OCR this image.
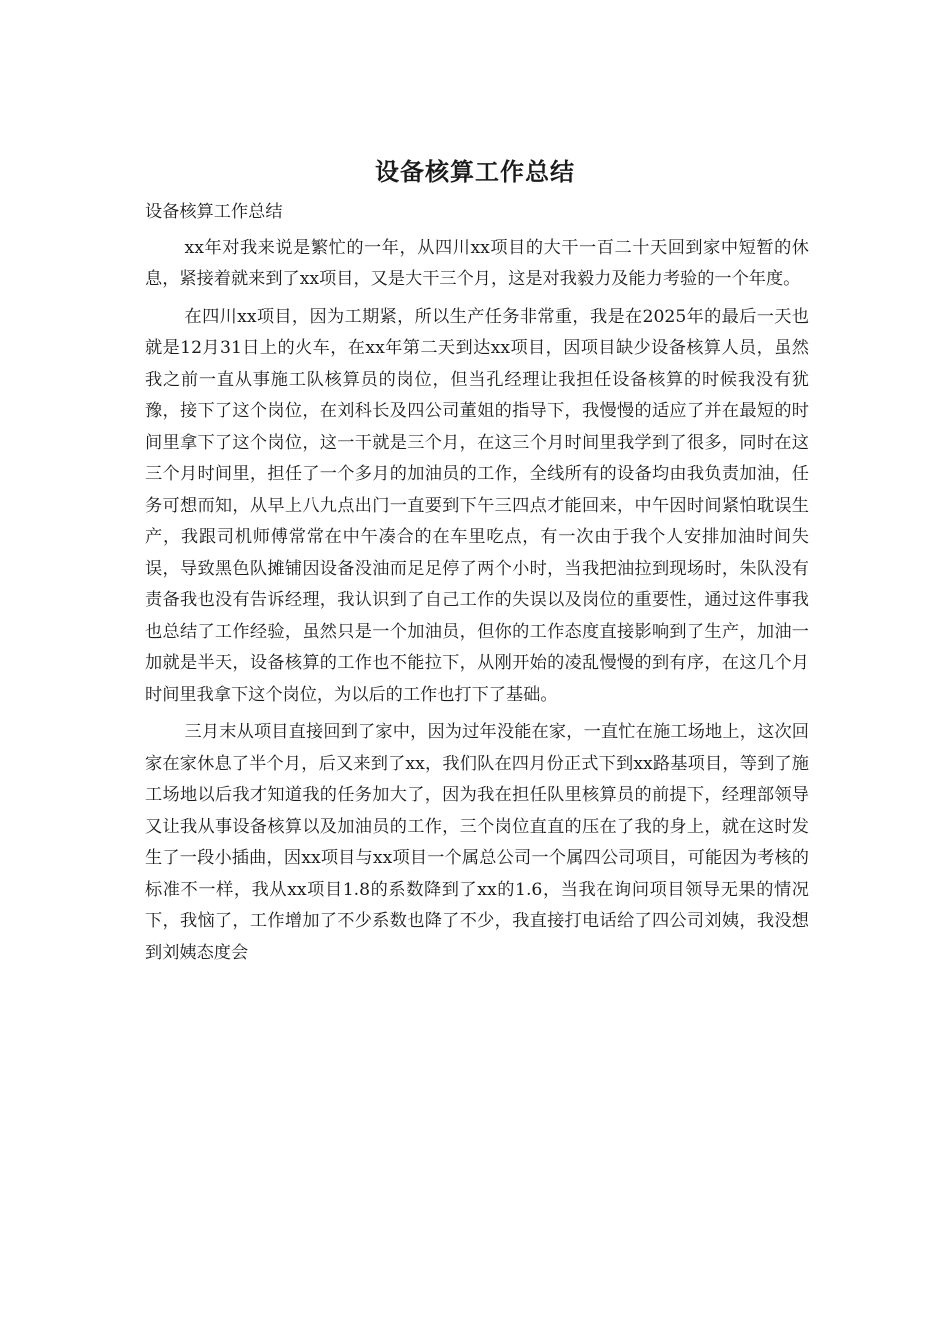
设备核算工作总结

设备核算工作总结

xx年对我来说是繁忙的一年，从四川xx项目的大干一百二十天回到家中短暂的休息，紧接着就来到了xx项目，又是大干三个月，这是对我毅力及能力考验的一个年度。

在四川xx项目，因为工期紧，所以生产任务非常重，我是在2025年的最后一天也就是12月31日上的火车，在xx年第二天到达xx项目，因项目缺少设备核算人员，虽然我之前一直从事施工队核算员的岗位，但当孔经理让我担任设备核算的时候我没有犹豫，接下了这个岗位，在刘科长及四公司董姐的指导下，我慢慢的适应了并在最短的时间里拿下了这个岗位，这一干就是三个月，在这三个月时间里我学到了很多，同时在这三个月时间里，担任了一个多月的加油员的工作，全线所有的设备均由我负责加油，任务可想而知，从早上八九点出门一直要到下午三四点才能回来，中午因时间紧怕耽误生产，我跟司机师傅常常在中午凑合的在车里吃点，有一次由于我个人安排加油时间失误，导致黑色队摊铺因设备没油而足足停了两个小时，当我把油拉到现场时，朱队没有责备我也没有告诉经理，我认识到了自己工作的失误以及岗位的重要性，通过这件事我也总结了工作经验，虽然只是一个加油员，但你的工作态度直接影响到了生产，加油一加就是半天，设备核算的工作也不能拉下，从刚开始的凌乱慢慢的到有序，在这几个月时间里我拿下这个岗位，为以后的工作也打下了基础。

三月末从项目直接回到了家中，因为过年没能在家，一直忙在施工场地上，这次回家在家休息了半个月，后又来到了xx，我们队在四月份正式下到xx路基项目，等到了施工场地以后我才知道我的任务加大了，因为我在担任队里核算员的前提下，经理部领导又让我从事设备核算以及加油员的工作，三个岗位直直的压在了我的身上，就在这时发生了一段小插曲，因xx项目与xx项目一个属总公司一个属四公司项目，可能因为考核的标准不一样，我从xx项目1.8的系数降到了xx的1.6，当我在询问项目领导无果的情况下，我恼了，工作增加了不少系数也降了不少，我直接打电话给了四公司刘姨，我没想到刘姨态度会
